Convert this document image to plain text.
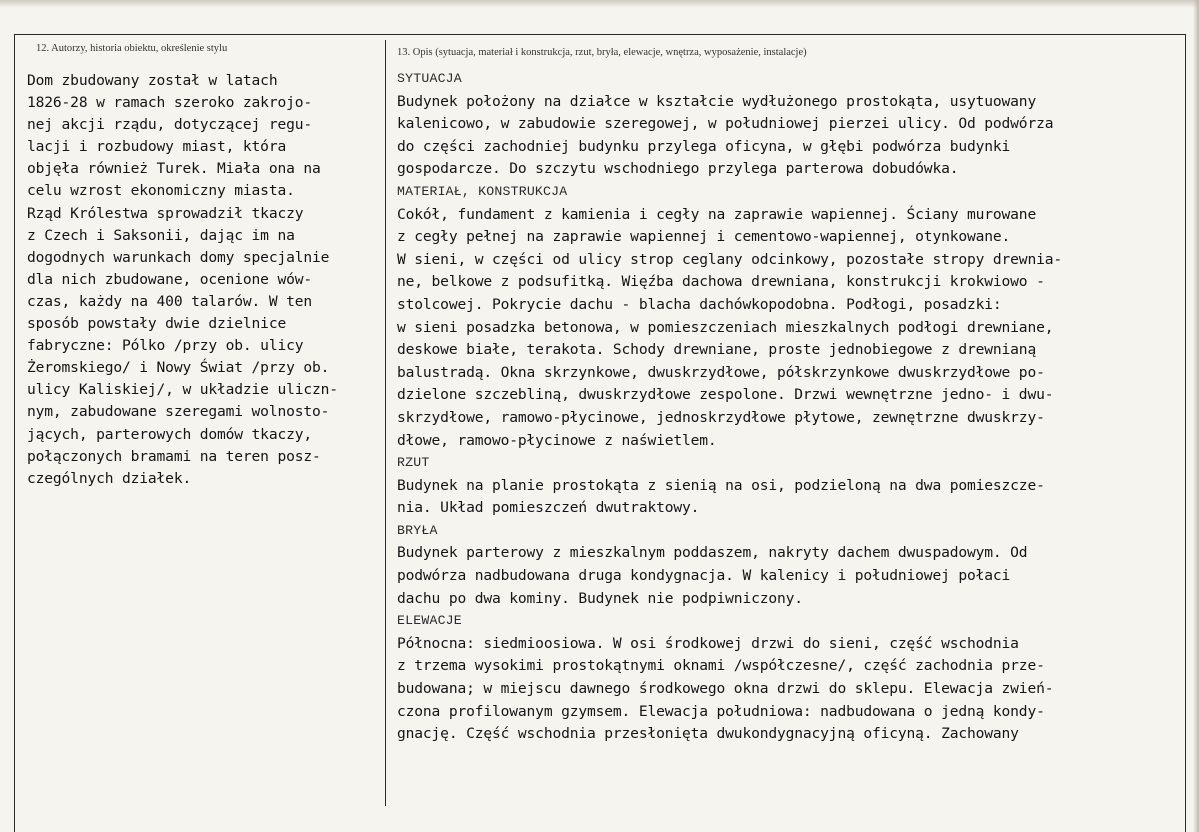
12. Autorzy, historia obiektu, określenie stylu	13. Opis (sytuacja, materiał i konstrukcja, rzut, bryła, elewacje, wnętrza, wyposażenie, instalacje)
Dom zbudowany został w latach
1826-28 w ramach szeroko zakrojo-
nej akcji rządu, dotyczącej regu-
lacji i rozbudowy miast, która
objęła również Turek. Miała ona na
celu wzrost ekonomiczny miasta.
Rząd Królestwa sprowadził tkaczy
z Czech i Saksonii, dając im na
dogodnych warunkach domy specjalnie
dla nich zbudowane, ocenione wów-
czas, każdy na 400 talarów. W ten
sposób powstały dwie dzielnice
fabryczne: Pólko /przy ob. ulicy
Żeromskiego/ i Nowy Świat /przy ob.
ulicy Kaliskiej/, w układzie uliczn-
nym, zabudowane szeregami wolnosto-
jących, parterowych domów tkaczy,
połączonych bramami na teren posz-
czególnych działek.
SYTUACJA
Budynek położony na działce w kształcie wydłużonego prostokąta, usytuowany
kalenicowo, w zabudowie szeregowej, w południowej pierzei ulicy. Od podwórza
do części zachodniej budynku przylega oficyna, w głębi podwórza budynki
gospodarcze. Do szczytu wschodniego przylega parterowa dobudówka.
MATERIAŁ, KONSTRUKCJA
Cokół, fundament z kamienia i cegły na zaprawie wapiennej. Ściany murowane
z cegły pełnej na zaprawie wapiennej i cementowo-wapiennej, otynkowane.
W sieni, w części od ulicy strop ceglany odcinkowy, pozostałe stropy drewnia-
ne, belkowe z podsufitką. Więźba dachowa drewniana, konstrukcji krokwiowo -
stolcowej. Pokrycie dachu - blacha dachówkopodobna. Podłogi, posadzki:
w sieni posadzka betonowa, w pomieszczeniach mieszkalnych podłogi drewniane,
deskowe białe, terakota. Schody drewniane, proste jednobiegowe z drewnianą
balustradą. Okna skrzynkowe, dwuskrzydłowe, półskrzynkowe dwuskrzydłowe po-
dzielone szczebliną, dwuskrzydłowe zespolone. Drzwi wewnętrzne jedno- i dwu-
skrzydłowe, ramowo-płycinowe, jednoskrzydłowe płytowe, zewnętrzne dwuskrzy-
dłowe, ramowo-płycinowe z naświetlem.
RZUT
Budynek na planie prostokąta z sienią na osi, podzieloną na dwa pomieszcze-
nia. Układ pomieszczeń dwutraktowy.
BRYŁA
Budynek parterowy z mieszkalnym poddaszem, nakryty dachem dwuspadowym. Od
podwórza nadbudowana druga kondygnacja. W kalenicy i południowej połaci
dachu po dwa kominy. Budynek nie podpiwniczony.
ELEWACJE
Północna: siedmioosiowa. W osi środkowej drzwi do sieni, część wschodnia
z trzema wysokimi prostokątnymi oknami /współczesne/, część zachodnia prze-
budowana; w miejscu dawnego środkowego okna drzwi do sklepu. Elewacja zwień-
czona profilowanym gzymsem. Elewacja południowa: nadbudowana o jedną kondy-
gnację. Część wschodnia przesłonięta dwukondygnacyjną oficyną. Zachowany
